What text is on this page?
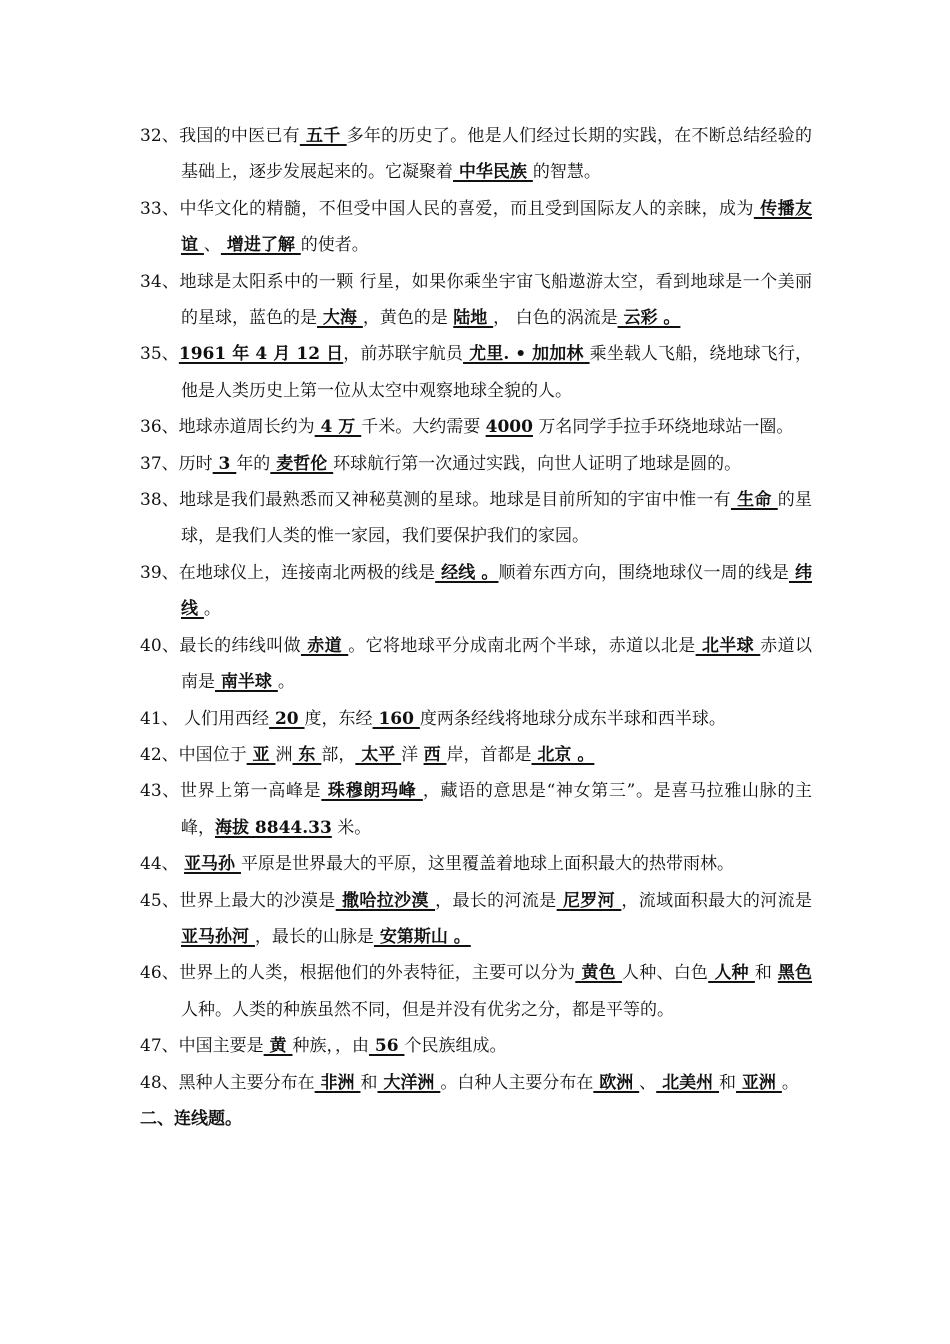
32、我国的中医已有 五千 多年的历史了。他是人们经过长期的实践，在不断总结经验的基础上，逐步发展起来的。它凝聚着 中华民族 的智慧。

33、中华文化的精髓，不但受中国人民的喜爱，而且受到国际友人的亲睐，成为 传播友谊 、 增进了解 的使者。

34、地球是太阳系中的一颗 行星，如果你乘坐宇宙飞船遨游太空，看到地球是一个美丽的星球，蓝色的是 大海 ，黄色的是 陆地 ， 白色的涡流是 云彩 。

35、1961 年 4 月 12 日，前苏联宇航员 尤里. • 加加林 乘坐载人飞船，绕地球飞行，他是人类历史上第一位从太空中观察地球全貌的人。

36、地球赤道周长约为 4 万 千米。大约需要 4000 万名同学手拉手环绕地球站一圈。

37、历时 3 年的 麦哲伦 环球航行第一次通过实践，向世人证明了地球是圆的。

38、地球是我们最熟悉而又神秘莫测的星球。地球是目前所知的宇宙中惟一有 生命 的星球，是我们人类的惟一家园，我们要保护我们的家园。

39、在地球仪上，连接南北两极的线是 经线 。顺着东西方向，围绕地球仪一周的线是 纬线 。

40、最长的纬线叫做 赤道 。它将地球平分成南北两个半球，赤道以北是 北半球 赤道以南是 南半球 。

41、 人们用西经 20 度，东经 160 度两条经线将地球分成东半球和西半球。

42、中国位于 亚 洲 东 部， 太平 洋 西 岸，首都是 北京 。

43、世界上第一高峰是 珠穆朗玛峰 ，藏语的意思是“神女第三”。是喜马拉雅山脉的主峰，海拔 8844.33 米。

44、 亚马孙 平原是世界最大的平原，这里覆盖着地球上面积最大的热带雨林。

45、世界上最大的沙漠是 撒哈拉沙漠 ，最长的河流是 尼罗河 ，流域面积最大的河流是 亚马孙河 ，最长的山脉是 安第斯山 。

46、世界上的人类，根据他们的外表特征，主要可以分为 黄色 人种、白色 人种 和 黑色 人种。人类的种族虽然不同，但是并没有优劣之分，都是平等的。

47、中国主要是 黄 种族，，由 56 个民族组成。

48、黑种人主要分布在 非洲 和 大洋洲 。白种人主要分布在 欧洲 、 北美州 和 亚洲 。

二、连线题。
